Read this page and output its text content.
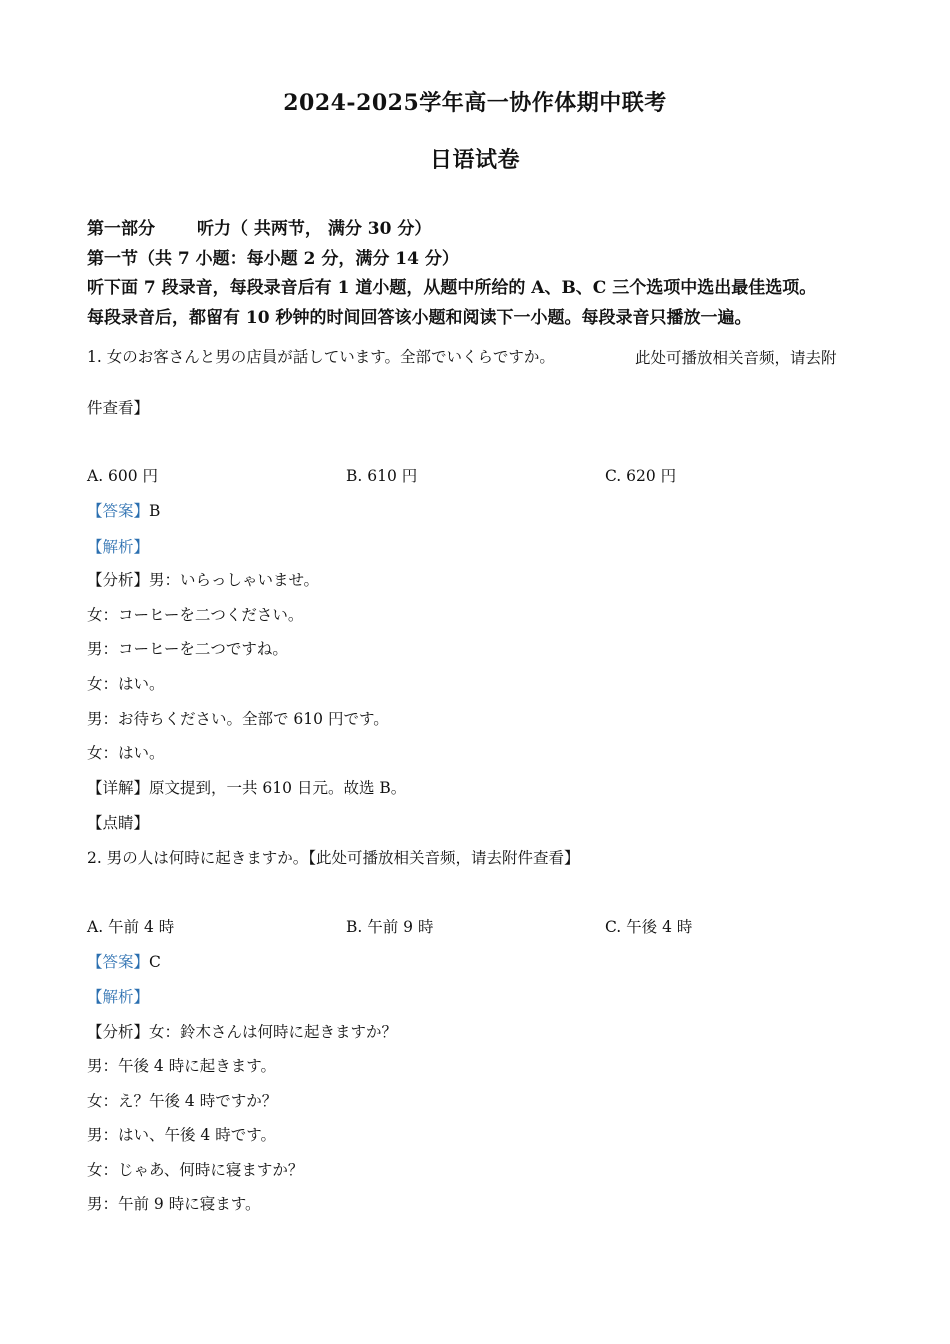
2024-2025学年高一协作体期中联考
日语试卷
第一部分 听力（ 共两节， 满分 30 分）
第一节（共 7 小题：每小题 2 分，满分 14 分）
听下面 7 段录音，每段录音后有 1 道小题，从题中所给的 A、B、C 三个选项中选出最佳选项。
每段录音后，都留有 10 秒钟的时间回答该小题和阅读下一小题。每段录音只播放一遍。
1. 女のお客さんと男の店員が話しています。全部でいくらですか。	此处可播放相关音频，请去附
件查看】
A. 600 円	B. 610 円	C. 620 円
【答案】B
【解析】
【分析】男：いらっしゃいませ。
女：コーヒーを二つください。
男：コーヒーを二つですね。
女：はい。
男：お待ちください。全部で 610 円です。
女：はい。
【详解】原文提到，一共 610 日元。故选 B。
【点睛】
2. 男の人は何時に起きますか。【此处可播放相关音频，请去附件查看】
A. 午前 4 時	B. 午前 9 時	C. 午後 4 時
【答案】C
【解析】
【分析】女：鈴木さんは何時に起きますか？
男：午後 4 時に起きます。
女：え？午後 4 時ですか？
男：はい、午後 4 時です。
女：じゃあ、何時に寝ますか？
男：午前 9 時に寝ます。
